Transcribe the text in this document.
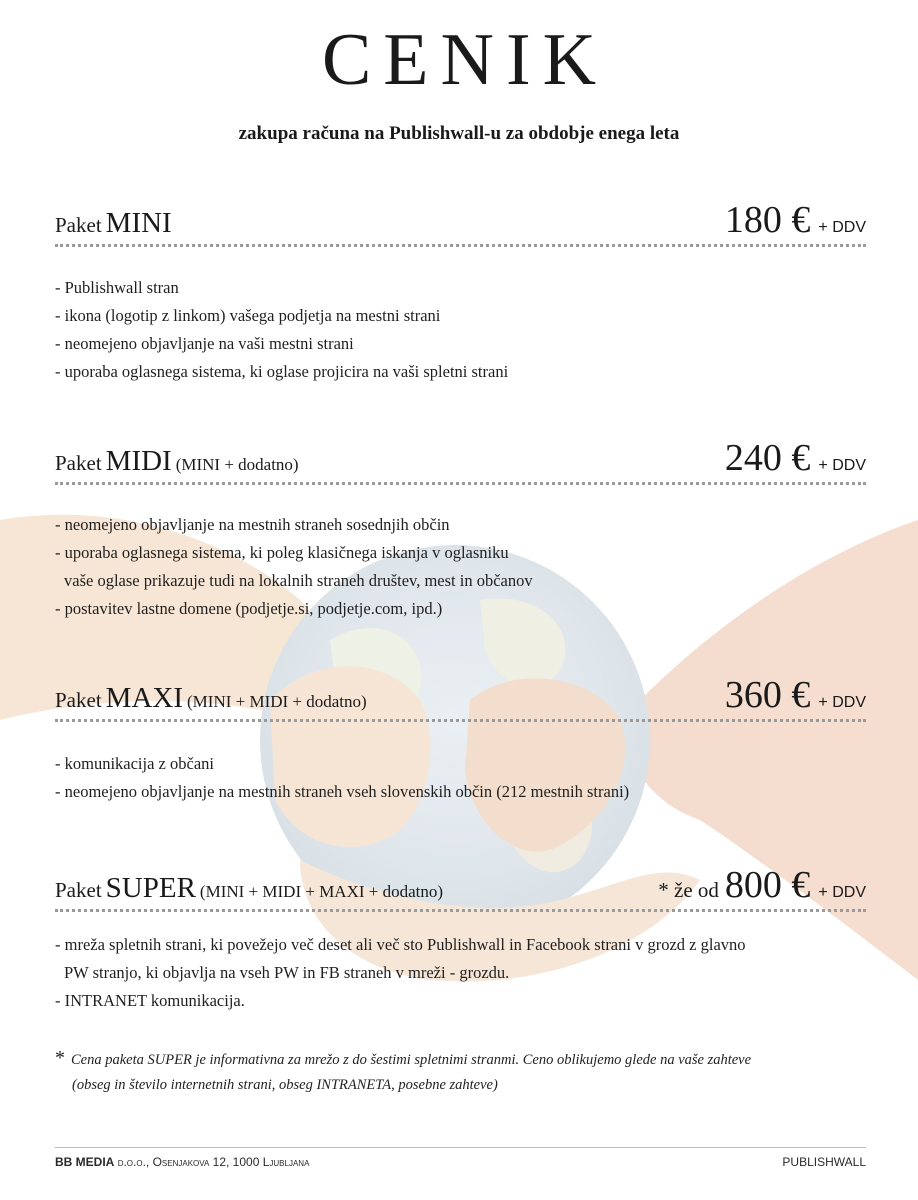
CENIK
zakupa računa na Publishwall-u za obdobje enega leta
Paket MINI	180 € + DDV
- Publishwall stran
- ikona (logotip z linkom) vašega podjetja na mestni strani
- neomejeno objavljanje na vaši mestni strani
- uporaba oglasnega sistema, ki oglase projicira na vaši spletni strani
Paket MIDI (MINI + dodatno)	240 € + DDV
- neomejeno objavljanje na mestnih straneh sosednjih občin
- uporaba oglasnega sistema, ki poleg klasičnega iskanja v oglasniku
vaše oglase prikazuje tudi na lokalnih straneh društev, mest in občanov
- postavitev lastne domene (podjetje.si, podjetje.com, ipd.)
Paket MAXI (MINI + MIDI + dodatno)	360 € + DDV
- komunikacija z občani
- neomejeno objavljanje na mestnih straneh vseh slovenskih občin (212 mestnih strani)
Paket SUPER (MINI + MIDI + MAXI + dodatno)	* že od 800 € + DDV
- mreža spletnih strani, ki povežejo več deset ali več sto Publishwall in Facebook strani v grozd z glavno
PW stranjo, ki objavlja na vseh PW in FB straneh v mreži - grozdu.
- INTRANET komunikacija.
* Cena paketa SUPER je informativna za mrežo z do šestimi spletnimi stranmi. Ceno oblikujemo glede na vaše zahteve
(obseg in število internetnih strani, obseg INTRANETA, posebne zahteve)
BB MEDIA d.o.o., Osenjakova 12, 1000 Ljubljana	PUBLISHWALL
